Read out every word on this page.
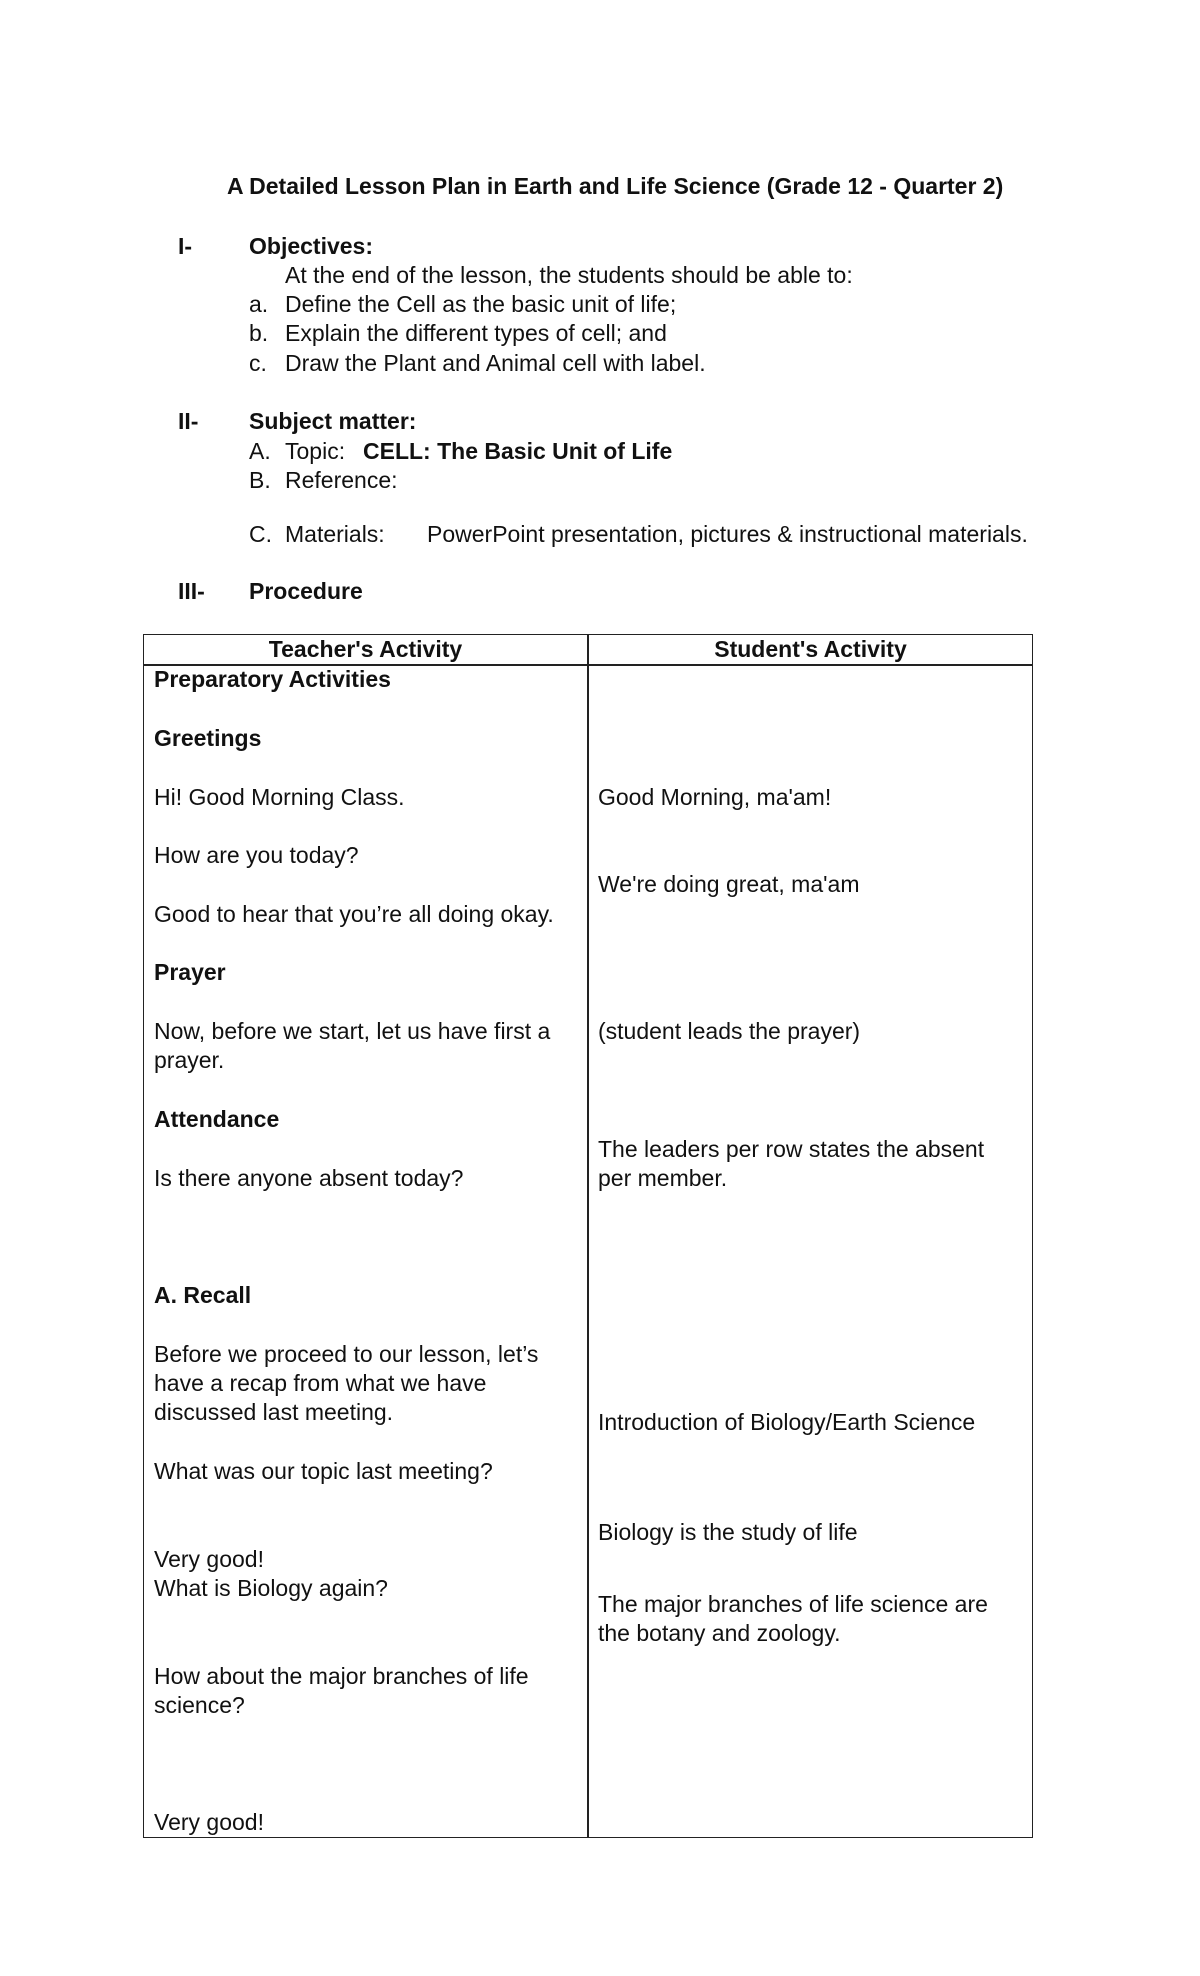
A Detailed Lesson Plan in Earth and Life Science (Grade 12 - Quarter 2)
I- Objectives:
At the end of the lesson, the students should be able to:
a. Define the Cell as the basic unit of life;
b. Explain the different types of cell; and
c. Draw the Plant and Animal cell with label.
II- Subject matter:
A. Topic: CELL: The Basic Unit of Life
B. Reference:
C. Materials: PowerPoint presentation, pictures & instructional materials.
III- Procedure
Teacher's Activity	Student's Activity
Preparatory Activities
Greetings
Hi! Good Morning Class.
How are you today?
Good to hear that you’re all doing okay.
Prayer
Now, before we start, let us have first a prayer.
Attendance
Is there anyone absent today?
A. Recall
Before we proceed to our lesson, let’s have a recap from what we have discussed last meeting.
What was our topic last meeting?
Very good!
What is Biology again?
How about the major branches of life science?
Very good!
Good Morning, ma'am!
We're doing great, ma'am
(student leads the prayer)
The leaders per row states the absent per member.
Introduction of Biology/Earth Science
Biology is the study of life
The major branches of life science are the botany and zoology.
